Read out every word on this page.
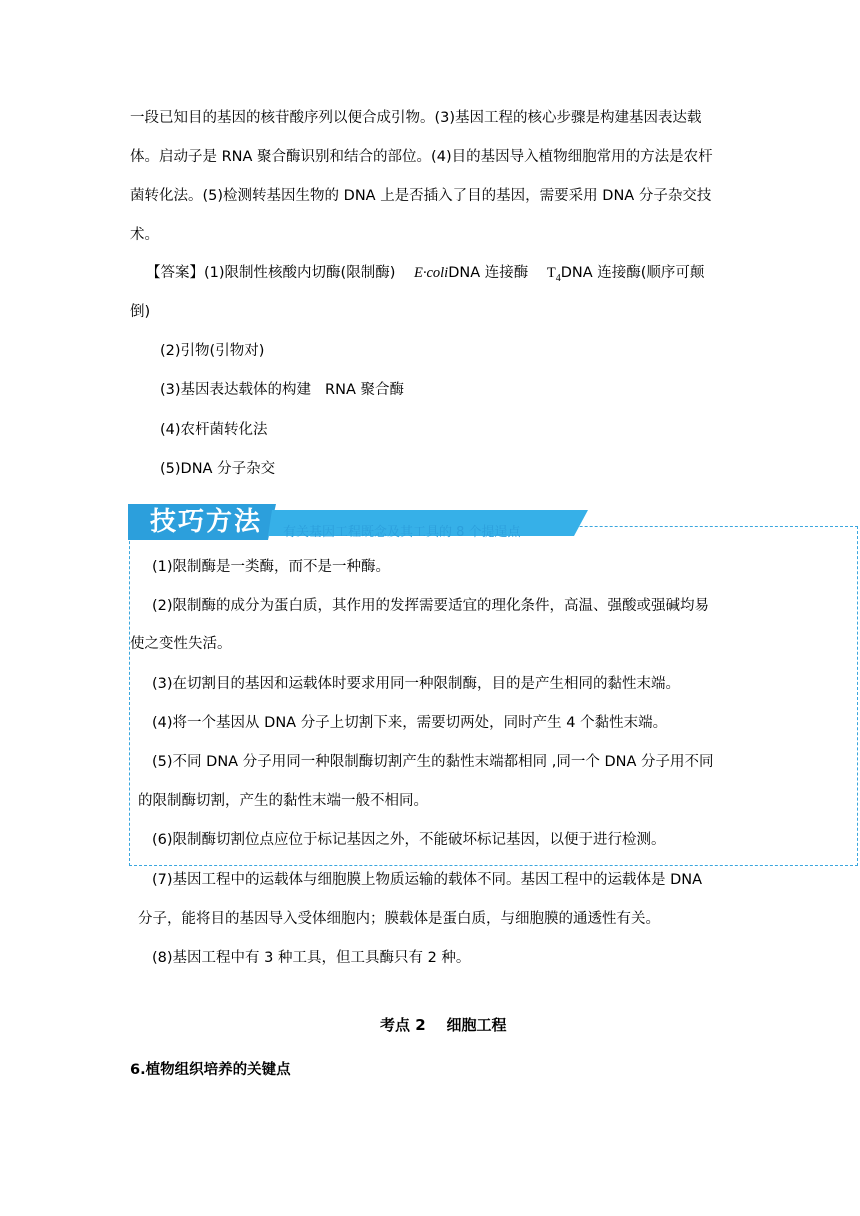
一段已知目的基因的核苷酸序列以便合成引物。(3)基因工程的核心步骤是构建基因表达载
体。启动子是 RNA 聚合酶识别和结合的部位。(4)目的基因导入植物细胞常用的方法是农杆
菌转化法。(5)检测转基因生物的 DNA 上是否插入了目的基因，需要采用 DNA 分子杂交技
术。
【答案】(1)限制性核酸内切酶(限制酶) E·coliDNA 连接酶 $T_4DNA$ 连接酶(顺序可颠
倒)
(2)引物(引物对)
(3)基因表达载体的构建 RNA 聚合酶
(4)农杆菌转化法
(5)DNA 分子杂交
技巧方法 有关基因工程既念及其工具的 8 个提逞点
(1)限制酶是一类酶，而不是一种酶。
(2)限制酶的成分为蛋白质，其作用的发挥需要适宜的理化条件，高温、强酸或强碱均易
使之变性失活。
(3)在切割目的基因和运载体时要求用同一种限制酶，目的是产生相同的黏性末端。
(4)将一个基因从 DNA 分子上切割下来，需要切两处，同时产生 4 个黏性末端。
(5)不同 DNA 分子用同一种限制酶切割产生的黏性末端都相同 ,同一个 DNA 分子用不同
的限制酶切割，产生的黏性末端一般不相同。
(6)限制酶切割位点应位于标记基因之外，不能破坏标记基因，以便于进行检测。
(7)基因工程中的运载体与细胞膜上物质运输的载体不同。基因工程中的运载体是 DNA
分子，能将目的基因导入受体细胞内；膜载体是蛋白质，与细胞膜的通透性有关。
(8)基因工程中有 3 种工具，但工具酶只有 2 种。
考点 2    细胞工程
6.植物组织培养的关键点
